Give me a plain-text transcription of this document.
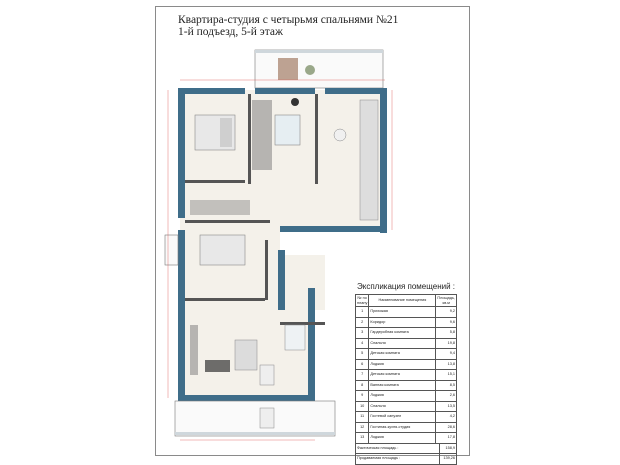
Квартира-студия с четырьмя спальнями №21
1-й подъезд, 5-й этаж
Экспликация помещений :
№ по плану	Наименование помещения	Площадь, кв.м
1	Прихожая	9,2
2	Коридор	9,6
3	Гардеробная комната	5,8
4	Спальня	19,8
5	Детская комната	9,4
6	Лоджия	13,8
7	Детская комната	15,1
8	Ванная комната	8,5
9	Лоджия	2,6
10	Спальня	13,5
11	Гостевой санузел	4,2
12	Гостиная-кухня-студия	28,6
13	Лоджия	17,8
Фактическая площадь :	158,9
Продаваемая площадь :	139,26
